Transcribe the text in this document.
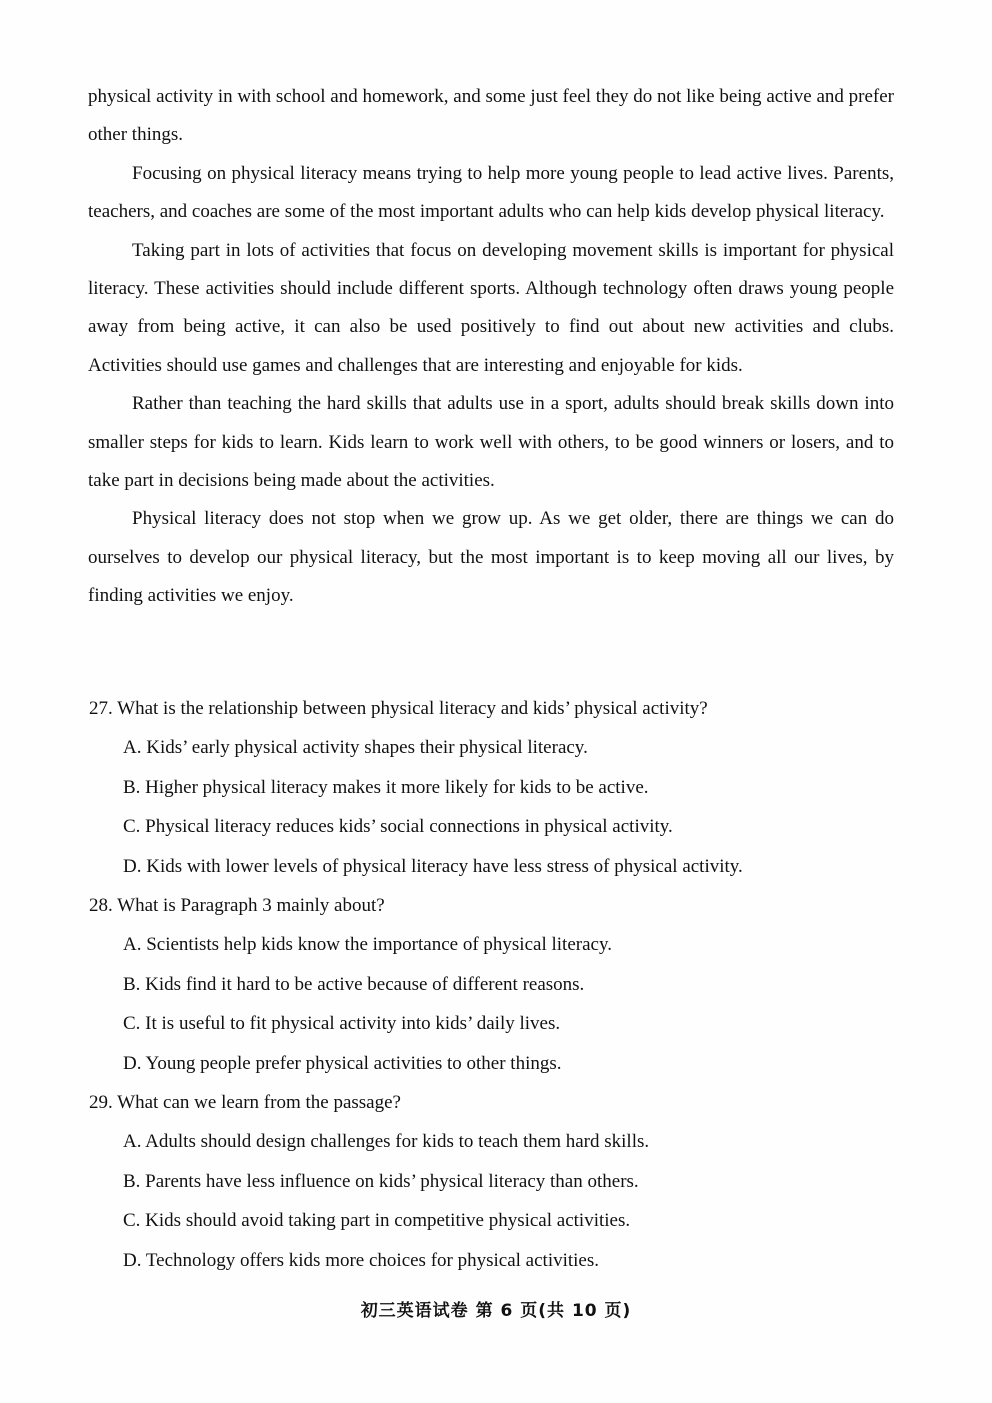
physical activity in with school and homework, and some just feel they do not like being active and prefer other things.

Focusing on physical literacy means trying to help more young people to lead active lives. Parents, teachers, and coaches are some of the most important adults who can help kids develop physical literacy.

Taking part in lots of activities that focus on developing movement skills is important for physical literacy. These activities should include different sports. Although technology often draws young people away from being active, it can also be used positively to find out about new activities and clubs. Activities should use games and challenges that are interesting and enjoyable for kids.

Rather than teaching the hard skills that adults use in a sport, adults should break skills down into smaller steps for kids to learn. Kids learn to work well with others, to be good winners or losers, and to take part in decisions being made about the activities.

Physical literacy does not stop when we grow up. As we get older, there are things we can do ourselves to develop our physical literacy, but the most important is to keep moving all our lives, by finding activities we enjoy.

27. What is the relationship between physical literacy and kids’ physical activity?
A. Kids’ early physical activity shapes their physical literacy.
B. Higher physical literacy makes it more likely for kids to be active.
C. Physical literacy reduces kids’ social connections in physical activity.
D. Kids with lower levels of physical literacy have less stress of physical activity.
28. What is Paragraph 3 mainly about?
A. Scientists help kids know the importance of physical literacy.
B. Kids find it hard to be active because of different reasons.
C. It is useful to fit physical activity into kids’ daily lives.
D. Young people prefer physical activities to other things.
29. What can we learn from the passage?
A. Adults should design challenges for kids to teach them hard skills.
B. Parents have less influence on kids’ physical literacy than others.
C. Kids should avoid taking part in competitive physical activities.
D. Technology offers kids more choices for physical activities.
初三英语试卷 第 6 页(共 10 页)
